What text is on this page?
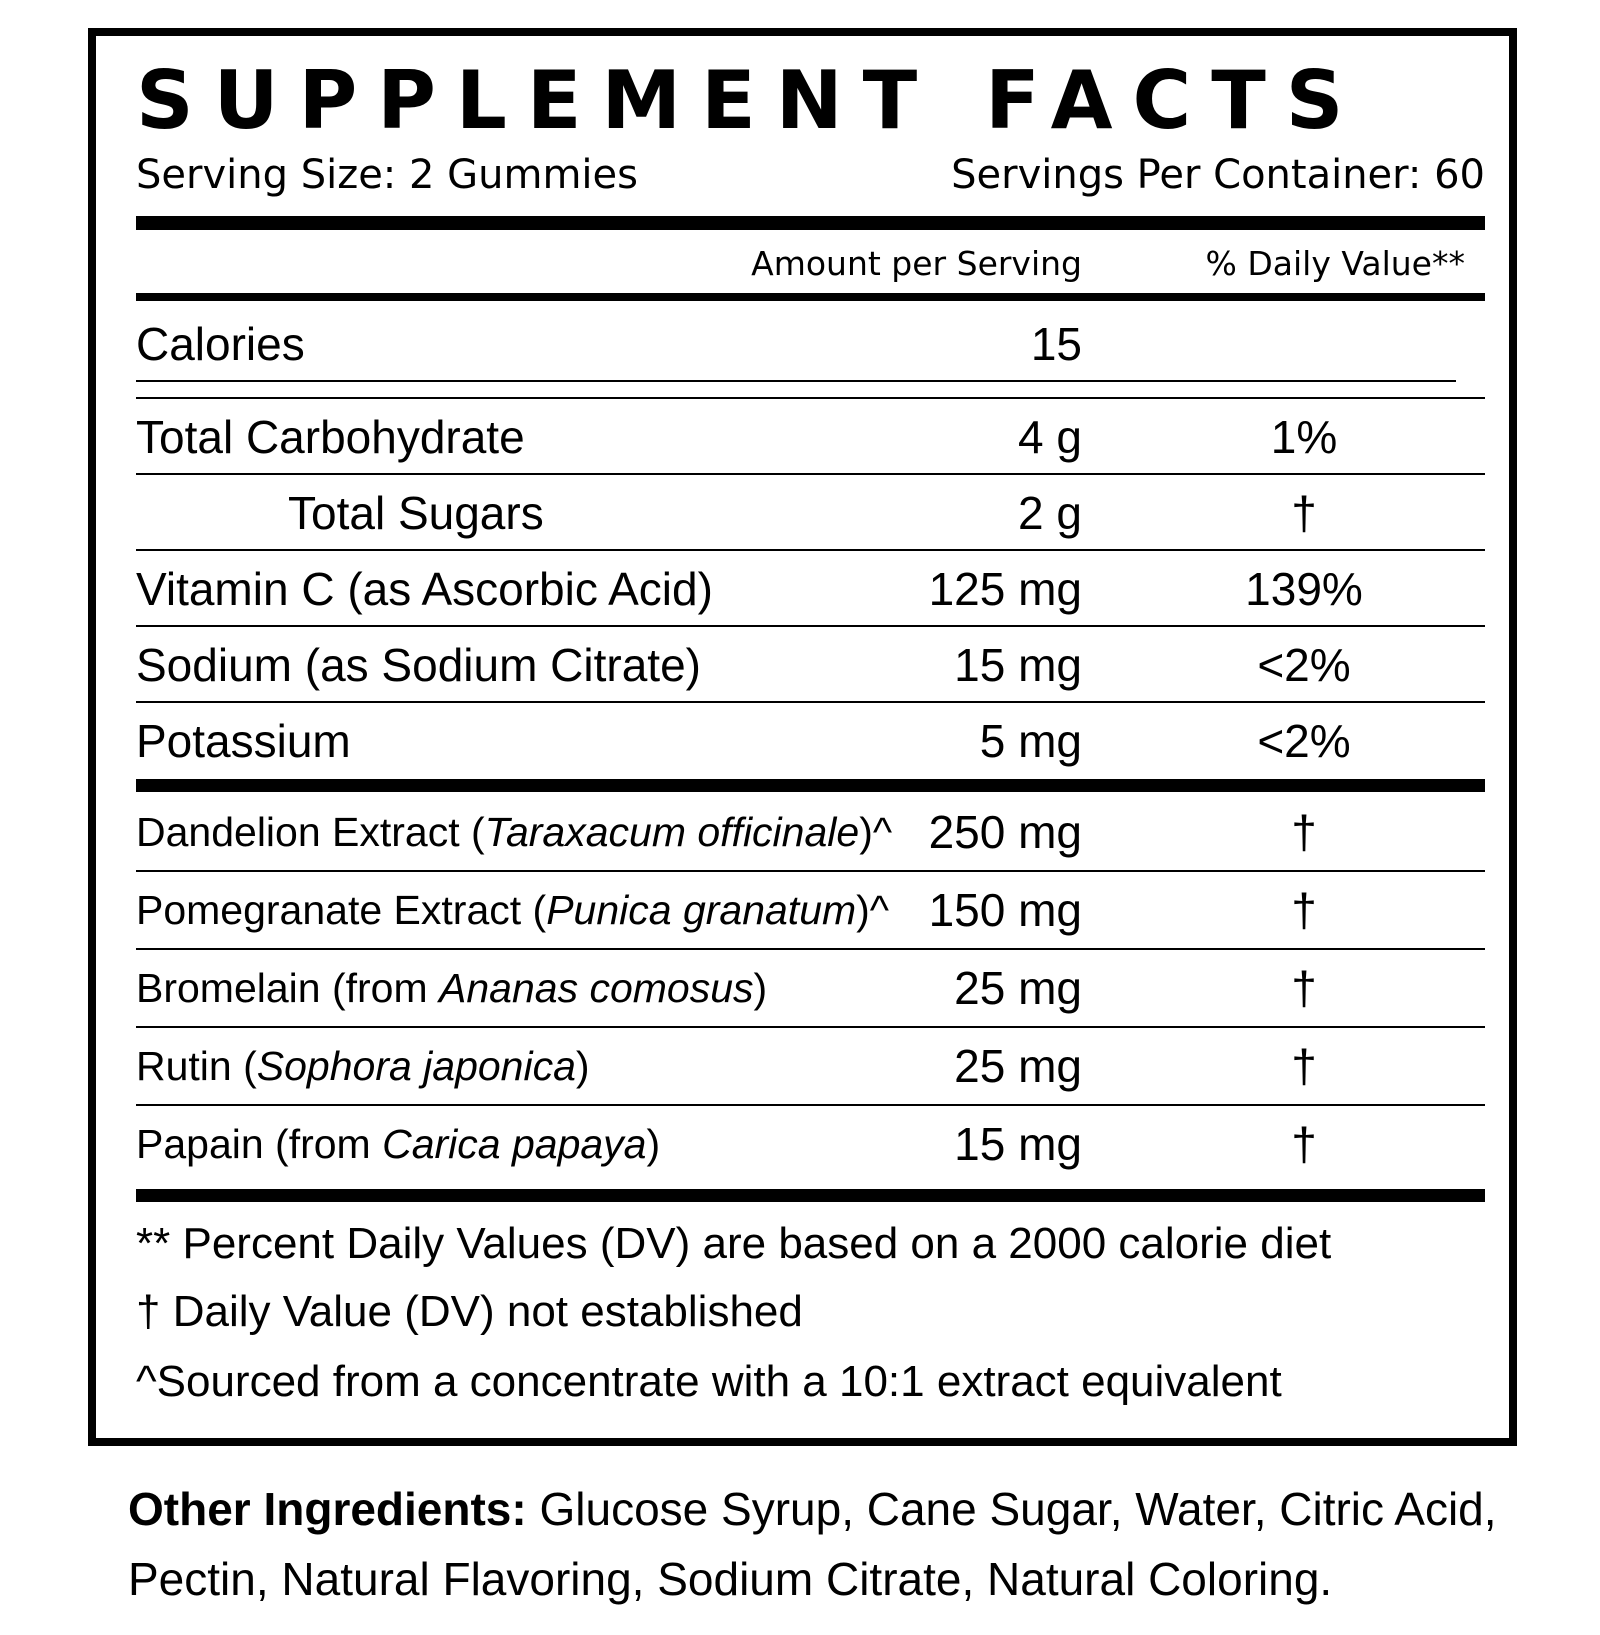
SUPPLEMENT FACTS
Serving Size: 2 Gummies	Servings Per Container: 60
Amount per Serving	% Daily Value**
Calories	15
Total Carbohydrate	4 g	1%
Total Sugars	2 g	†
Vitamin C (as Ascorbic Acid)	125 mg	139%
Sodium (as Sodium Citrate)	15 mg	<2%
Potassium	5 mg	<2%
Dandelion Extract (Taraxacum officinale)^ 250 mg	†
Pomegranate Extract (Punica granatum)^ 150 mg	†
Bromelain (from Ananas comosus)	25 mg	†
Rutin (Sophora japonica)	25 mg	†
Papain (from Carica papaya)	15 mg	†
** Percent Daily Values (DV) are based on a 2000 calorie diet
† Daily Value (DV) not established
^Sourced from a concentrate with a 10:1 extract equivalent
Other Ingredients: Glucose Syrup, Cane Sugar, Water, Citric Acid, Pectin, Natural Flavoring, Sodium Citrate, Natural Coloring.
